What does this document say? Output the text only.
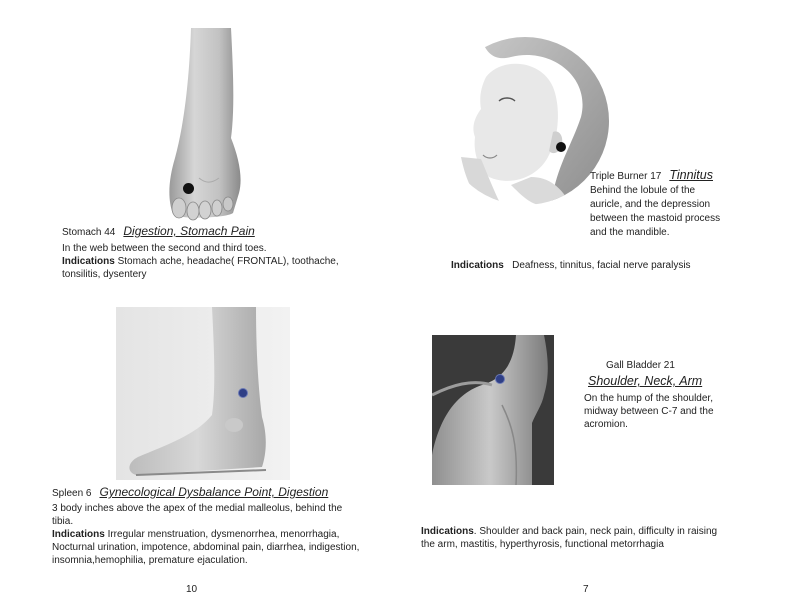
Stomach 44 Digestion, Stomach Pain

In the web between the second and third toes.

Indications Stomach ache, headache( FRONTAL), toothache,

tonsilitis, dysentery

Spleen 6 Gynecological Dysbalance Point, Digestion

3 body inches above the apex of the medial malleolus, behind the

tibia.

Indications Irregular menstruation, dysmenorrhea, menorrhagia,

Nocturnal urination, impotence, abdominal pain, diarrhea, indigestion,

insomnia,hemophilia, premature ejaculation.

10
Triple Burner 17 Tinnitus

Behind the lobule of the

auricle, and the depression

between the mastoid process

and the mandible.

Indications   Deafness, tinnitus, facial nerve paralysis
Gall Bladder 21
Shoulder, Neck, Arm

On the hump of the shoulder,

midway between C-7 and the

acromion.

Indications. Shoulder and back pain, neck pain, difficulty in raising

the arm, mastitis, hyperthyrosis, functional metorrhagia

7
